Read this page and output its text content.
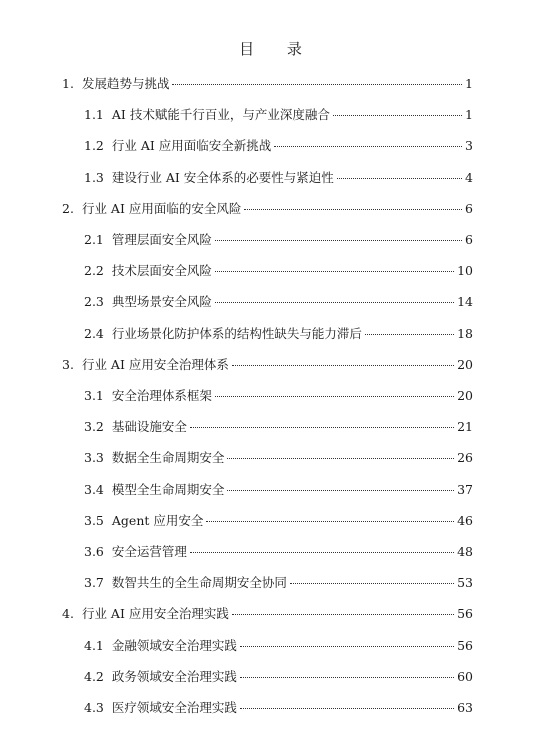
目 录
1. 发展趋势与挑战	1
1.1 AI 技术赋能千行百业，与产业深度融合	1
1.2 行业 AI 应用面临安全新挑战	3
1.3 建设行业 AI 安全体系的必要性与紧迫性	4
2. 行业 AI 应用面临的安全风险	6
2.1 管理层面安全风险	6
2.2 技术层面安全风险	10
2.3 典型场景安全风险	14
2.4 行业场景化防护体系的结构性缺失与能力滞后	18
3. 行业 AI 应用安全治理体系	20
3.1 安全治理体系框架	20
3.2 基础设施安全	21
3.3 数据全生命周期安全	26
3.4 模型全生命周期安全	37
3.5 Agent 应用安全	46
3.6 安全运营管理	48
3.7 数智共生的全生命周期安全协同	53
4. 行业 AI 应用安全治理实践	56
4.1 金融领域安全治理实践	56
4.2 政务领域安全治理实践	60
4.3 医疗领域安全治理实践	63
